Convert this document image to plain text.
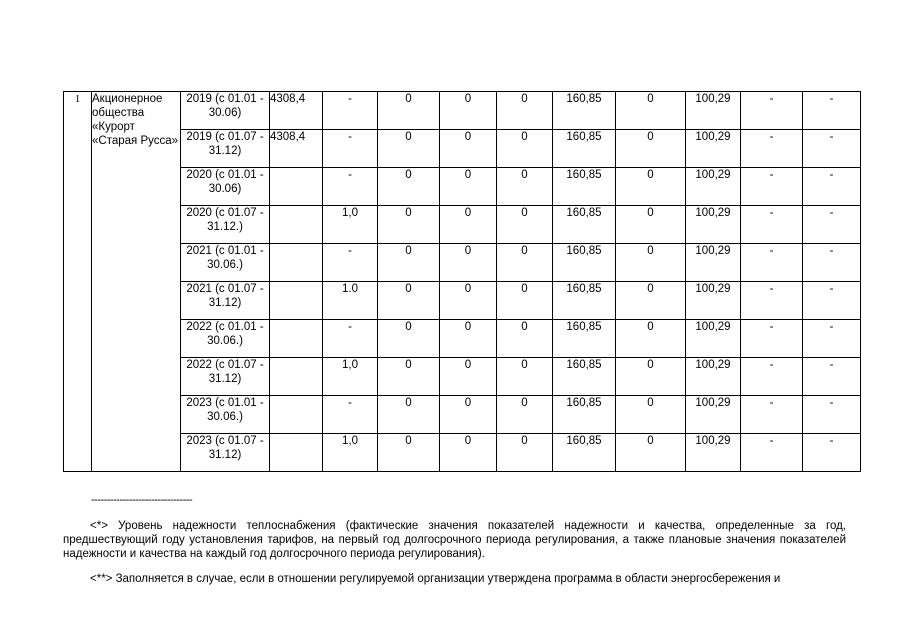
1	Акционерное общества «Курорт «Старая Русса»	2019 (с 01.01 - 30.06)	4308,4	-	0	0	0	160,85	0	100,29	-	-
		2019 (с 01.07 - 31.12)	4308,4	-	0	0	0	160,85	0	100,29	-	-
		2020 (с 01.01 - 30.06)		-	0	0	0	160,85	0	100,29	-	-
		2020 (с 01.07 - 31.12.)		1,0	0	0	0	160,85	0	100,29	-	-
		2021 (с 01.01 - 30.06.)		-	0	0	0	160,85	0	100,29	-	-
		2021 (с 01.07 - 31.12)		1.0	0	0	0	160,85	0	100,29	-	-
		2022 (с 01.01 - 30.06.)		-	0	0	0	160,85	0	100,29	-	-
		2022 (с 01.07 - 31.12)		1,0	0	0	0	160,85	0	100,29	-	-
		2023 (с 01.01 - 30.06.)		-	0	0	0	160,85	0	100,29	-	-
		2023 (с 01.07 - 31.12)		1,0	0	0	0	160,85	0	100,29	-	-
--------------------------------

<*> Уровень надежности теплоснабжения (фактические значения показателей надежности и качества, определенные за год, предшествующий году установления тарифов, на первый год долгосрочного периода регулирования, а также плановые значения показателей надежности и качества на каждый год долгосрочного периода регулирования).

<**> Заполняется в случае, если в отношении регулируемой организации утверждена программа в области энергосбережения и
